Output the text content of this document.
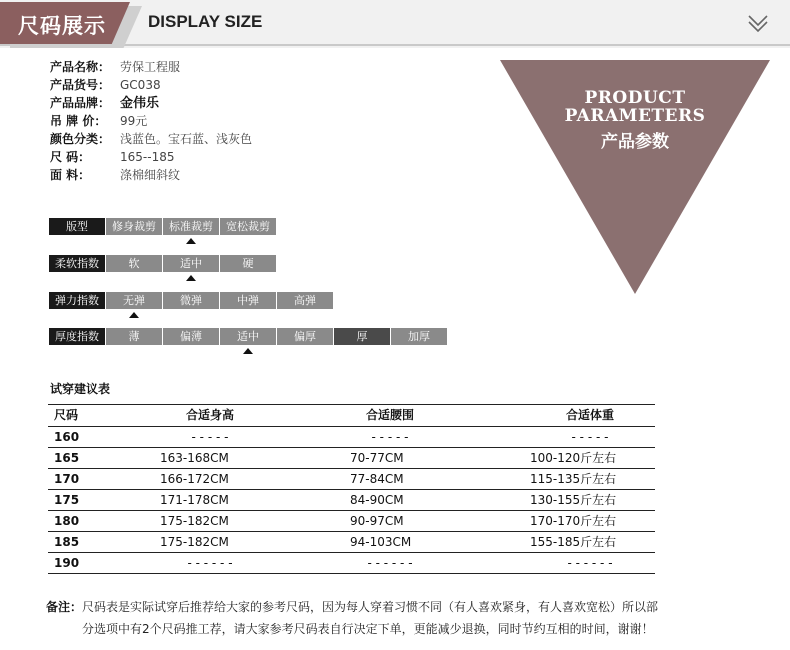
尺码展示 DISPLAY SIZE
产品名称： 劳保工程服
产品货号： GC038
产品品牌： 金伟乐
吊 牌 价： 99元
颜色分类： 浅蓝色。宝石蓝、浅灰色
尺 码： 165--185
面 料： 涤棉细斜纹
PRODUCT
PARAMETERS
产品参数
版型	修身裁剪	标准裁剪	宽松裁剪
柔软指数	软	适中	硬
弹力指数	无弹	微弹	中弹	高弹
厚度指数	薄	偏薄	适中	偏厚	厚	加厚
试穿建议表
尺码	合适身高	合适腰围	合适体重
160	- - - - -	- - - - -	- - - - -
165	163-168CM	70-77CM	100-120斤左右
170	166-172CM	77-84CM	115-135斤左右
175	171-178CM	84-90CM	130-155斤左右
180	175-182CM	90-97CM	170-170斤左右
185	175-182CM	94-103CM	155-185斤左右
190	- - - - - -	- - - - - -	- - - - - -
备注：尺码表是实际试穿后推荐给大家的参考尺码，因为每人穿着习惯不同（有人喜欢紧身，有人喜欢宽松）所以部
分选项中有2个尺码推工荐，请大家参考尺码表自行决定下单，更能减少退换，同时节约互相的时间，谢谢！
